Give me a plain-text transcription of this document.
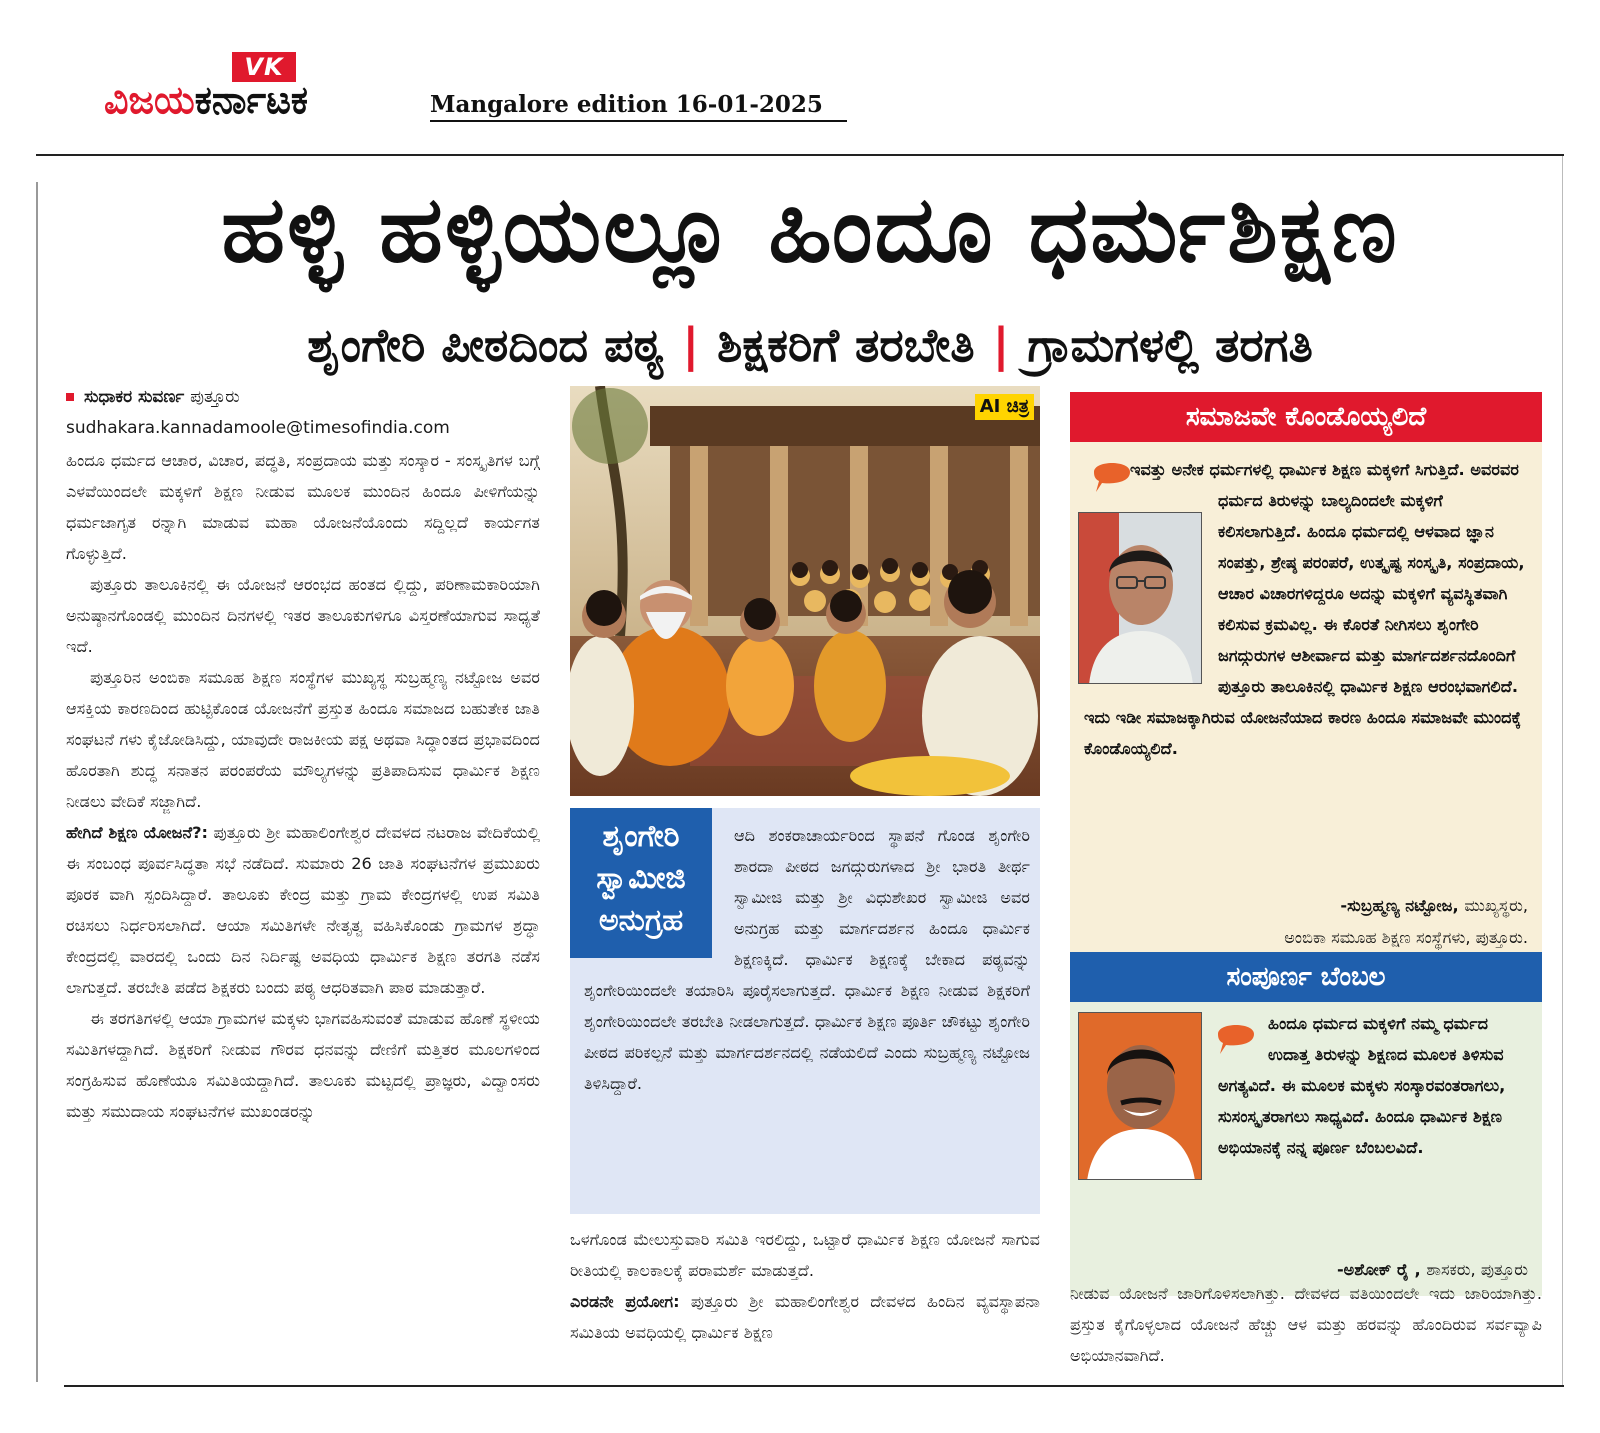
VK
ವಿಜಯಕರ್ನಾಟಕ	Mangalore edition 16-01-2025
ಹಳ್ಳಿ ಹಳ್ಳಿಯಲ್ಲೂ ಹಿಂದೂ ಧರ್ಮಶಿಕ್ಷಣ
ಶೃಂಗೇರಿ ಪೀಠದಿಂದ ಪಠ್ಯ | ಶಿಕ್ಷಕರಿಗೆ ತರಬೇತಿ | ಗ್ರಾಮಗಳಲ್ಲಿ ತರಗತಿ
ಸುಧಾಕರ ಸುವರ್ಣ ಪುತ್ತೂರು
sudhakara.kannadamoole@timesofindia.com

ಹಿಂದೂ ಧರ್ಮದ ಆಚಾರ, ವಿಚಾರ, ಪದ್ಧತಿ, ಸಂಪ್ರದಾಯ ಮತ್ತು ಸಂಸ್ಕಾರ - ಸಂಸ್ಕೃತಿಗಳ ಬಗ್ಗೆ ಎಳವೆಯಿಂದಲೇ ಮಕ್ಕಳಿಗೆ ಶಿಕ್ಷಣ ನೀಡುವ ಮೂಲಕ ಮುಂದಿನ ಹಿಂದೂ ಪೀಳಿಗೆಯನ್ನು ಧರ್ಮಜಾಗೃತ ರನ್ನಾಗಿ ಮಾಡುವ ಮಹಾ ಯೋಜನೆಯೊಂದು ಸದ್ದಿಲ್ಲದೆ ಕಾರ್ಯಗತ ಗೊಳ್ಳುತ್ತಿದೆ.

ಪುತ್ತೂರು ತಾಲೂಕಿನಲ್ಲಿ ಈ ಯೋಜನೆ ಆರಂಭದ ಹಂತದ ಲ್ಲಿದ್ದು, ಪರಿಣಾಮಕಾರಿಯಾಗಿ ಅನುಷ್ಠಾನಗೊಂಡಲ್ಲಿ ಮುಂದಿನ ದಿನಗಳಲ್ಲಿ ಇತರ ತಾಲೂಕುಗಳಿಗೂ ವಿಸ್ತರಣೆಯಾಗುವ ಸಾಧ್ಯತೆ ಇದೆ.

ಪುತ್ತೂರಿನ ಅಂಬಿಕಾ ಸಮೂಹ ಶಿಕ್ಷಣ ಸಂಸ್ಥೆಗಳ ಮುಖ್ಯಸ್ಥ ಸುಬ್ರಹ್ಮಣ್ಯ ನಟ್ಟೋಜ ಅವರ ಆಸಕ್ತಿಯ ಕಾರಣದಿಂದ ಹುಟ್ಟಿಕೊಂಡ ಯೋಜನೆಗೆ ಪ್ರಸ್ತುತ ಹಿಂದೂ ಸಮಾಜದ ಬಹುತೇಕ ಜಾತಿ ಸಂಘಟನೆ ಗಳು ಕೈಜೋಡಿಸಿದ್ದು, ಯಾವುದೇ ರಾಜಕೀಯ ಪಕ್ಷ ಅಥವಾ ಸಿದ್ಧಾಂತದ ಪ್ರಭಾವದಿಂದ ಹೊರತಾಗಿ ಶುದ್ಧ ಸನಾತನ ಪರಂಪರೆಯ ಮೌಲ್ಯಗಳನ್ನು ಪ್ರತಿಪಾದಿಸುವ ಧಾರ್ಮಿಕ ಶಿಕ್ಷಣ ನೀಡಲು ವೇದಿಕೆ ಸಜ್ಜಾಗಿದೆ.

ಹೇಗಿದೆ ಶಿಕ್ಷಣ ಯೋಜನೆ?: ಪುತ್ತೂರು ಶ್ರೀ ಮಹಾಲಿಂಗೇಶ್ವರ ದೇವಳದ ನಟರಾಜ ವೇದಿಕೆಯಲ್ಲಿ ಈ ಸಂಬಂಧ ಪೂರ್ವಸಿದ್ಧತಾ ಸಭೆ ನಡೆದಿದೆ. ಸುಮಾರು 26 ಜಾತಿ ಸಂಘಟನೆಗಳ ಪ್ರಮುಖರು ಪೂರಕ ವಾಗಿ ಸ್ಪಂದಿಸಿದ್ದಾರೆ. ತಾಲೂಕು ಕೇಂದ್ರ ಮತ್ತು ಗ್ರಾಮ ಕೇಂದ್ರಗಳಲ್ಲಿ ಉಪ ಸಮಿತಿ ರಚಿಸಲು ನಿರ್ಧರಿಸಲಾಗಿದೆ. ಆಯಾ ಸಮಿತಿಗಳೇ ನೇತೃತ್ವ ವಹಿಸಿಕೊಂಡು ಗ್ರಾಮಗಳ ಶ್ರದ್ಧಾ ಕೇಂದ್ರದಲ್ಲಿ ವಾರದಲ್ಲಿ ಒಂದು ದಿನ ನಿರ್ದಿಷ್ಟ ಅವಧಿಯ ಧಾರ್ಮಿಕ ಶಿಕ್ಷಣ ತರಗತಿ ನಡೆಸ ಲಾಗುತ್ತದೆ. ತರಬೇತಿ ಪಡೆದ ಶಿಕ್ಷಕರು ಬಂದು ಪಠ್ಯ ಆಧರಿತವಾಗಿ ಪಾಠ ಮಾಡುತ್ತಾರೆ.

ಈ ತರಗತಿಗಳಲ್ಲಿ ಆಯಾ ಗ್ರಾಮಗಳ ಮಕ್ಕಳು ಭಾಗವಹಿಸುವಂತೆ ಮಾಡುವ ಹೊಣೆ ಸ್ಥಳೀಯ ಸಮಿತಿಗಳದ್ದಾಗಿದೆ. ಶಿಕ್ಷಕರಿಗೆ ನೀಡುವ ಗೌರವ ಧನವನ್ನು ದೇಣಿಗೆ ಮತ್ತಿತರ ಮೂಲಗಳಿಂದ ಸಂಗ್ರಹಿಸುವ ಹೊಣೆಯೂ ಸಮಿತಿಯದ್ದಾಗಿದೆ. ತಾಲೂಕು ಮಟ್ಟದಲ್ಲಿ ಪ್ರಾಜ್ಞರು, ವಿದ್ವಾಂಸರು ಮತ್ತು ಸಮುದಾಯ ಸಂಘಟನೆಗಳ ಮುಖಂಡರನ್ನು

AI ಚಿತ್ರ
ಶೃಂಗೇರಿ ಸ್ವಾಮೀಜಿ ಅನುಗ್ರಹ
ಆದಿ ಶಂಕರಾಚಾರ್ಯರಿಂದ ಸ್ಥಾಪನೆ ಗೊಂಡ ಶೃಂಗೇರಿ ಶಾರದಾ ಪೀಠದ ಜಗದ್ಗುರುಗಳಾದ ಶ್ರೀ ಭಾರತಿ ತೀರ್ಥ ಸ್ವಾಮೀಜಿ ಮತ್ತು ಶ್ರೀ ವಿಧುಶೇಖರ ಸ್ವಾಮೀಜಿ ಅವರ ಅನುಗ್ರಹ ಮತ್ತು ಮಾರ್ಗದರ್ಶನ ಹಿಂದೂ ಧಾರ್ಮಿಕ ಶಿಕ್ಷಣಕ್ಕಿದೆ. ಧಾರ್ಮಿಕ ಶಿಕ್ಷಣಕ್ಕೆ ಬೇಕಾದ ಪಠ್ಯವನ್ನು ಶೃಂಗೇರಿಯಿಂದಲೇ ತಯಾರಿಸಿ ಪೂರೈಸಲಾಗುತ್ತದೆ. ಧಾರ್ಮಿಕ ಶಿಕ್ಷಣ ನೀಡುವ ಶಿಕ್ಷಕರಿಗೆ ಶೃಂಗೇರಿಯಿಂದಲೇ ತರಬೇತಿ ನೀಡಲಾಗುತ್ತದೆ. ಧಾರ್ಮಿಕ ಶಿಕ್ಷಣ ಪೂರ್ತಿ ಚೌಕಟ್ಟು ಶೃಂಗೇರಿ ಪೀಠದ ಪರಿಕಲ್ಪನೆ ಮತ್ತು ಮಾರ್ಗದರ್ಶನದಲ್ಲಿ ನಡೆಯಲಿದೆ ಎಂದು ಸುಬ್ರಹ್ಮಣ್ಯ ನಟ್ಟೋಜ ತಿಳಿಸಿದ್ದಾರೆ.

ಒಳಗೊಂಡ ಮೇಲುಸ್ತುವಾರಿ ಸಮಿತಿ ಇರಲಿದ್ದು, ಒಟ್ಟಾರೆ ಧಾರ್ಮಿಕ ಶಿಕ್ಷಣ ಯೋಜನೆ ಸಾಗುವ ರೀತಿಯಲ್ಲಿ ಕಾಲಕಾಲಕ್ಕೆ ಪರಾಮರ್ಶೆ ಮಾಡುತ್ತದೆ.

ಎರಡನೇ ಪ್ರಯೋಗ: ಪುತ್ತೂರು ಶ್ರೀ ಮಹಾಲಿಂಗೇಶ್ವರ ದೇವಳದ ಹಿಂದಿನ ವ್ಯವಸ್ಥಾಪನಾ ಸಮಿತಿಯ ಅವಧಿಯಲ್ಲಿ ಧಾರ್ಮಿಕ ಶಿಕ್ಷಣ

ಸಮಾಜವೇ ಕೊಂಡೊಯ್ಯಲಿದೆ
ಇವತ್ತು ಅನೇಕ ಧರ್ಮಗಳಲ್ಲಿ ಧಾರ್ಮಿಕ ಶಿಕ್ಷಣ ಮಕ್ಕಳಿಗೆ ಸಿಗುತ್ತಿದೆ. ಅವರವರ ಧರ್ಮದ ತಿರುಳನ್ನು ಬಾಲ್ಯದಿಂದಲೇ ಮಕ್ಕಳಿಗೆ ಕಲಿಸಲಾಗುತ್ತಿದೆ. ಹಿಂದೂ ಧರ್ಮದಲ್ಲಿ ಆಳವಾದ ಜ್ಞಾನ ಸಂಪತ್ತು, ಶ್ರೇಷ್ಠ ಪರಂಪರೆ, ಉತ್ಕೃಷ್ಟ ಸಂಸ್ಕೃತಿ, ಸಂಪ್ರದಾಯ, ಆಚಾರ ವಿಚಾರಗಳಿದ್ದರೂ ಅದನ್ನು ಮಕ್ಕಳಿಗೆ ವ್ಯವಸ್ಥಿತವಾಗಿ ಕಲಿಸುವ ಕ್ರಮವಿಲ್ಲ. ಈ ಕೊರತೆ ನೀಗಿಸಲು ಶೃಂಗೇರಿ ಜಗದ್ಗುರುಗಳ ಆಶೀರ್ವಾದ ಮತ್ತು ಮಾರ್ಗದರ್ಶನದೊಂದಿಗೆ ಪುತ್ತೂರು ತಾಲೂಕಿನಲ್ಲಿ ಧಾರ್ಮಿಕ ಶಿಕ್ಷಣ ಆರಂಭವಾಗಲಿದೆ. ಇದು ಇಡೀ ಸಮಾಜಕ್ಕಾಗಿರುವ ಯೋಜನೆಯಾದ ಕಾರಣ ಹಿಂದೂ ಸಮಾಜವೇ ಮುಂದಕ್ಕೆ ಕೊಂಡೊಯ್ಯಲಿದೆ.
-ಸುಬ್ರಹ್ಮಣ್ಯ ನಟ್ಟೋಜ, ಮುಖ್ಯಸ್ಥರು,
ಅಂಬಿಕಾ ಸಮೂಹ ಶಿಕ್ಷಣ ಸಂಸ್ಥೆಗಳು, ಪುತ್ತೂರು.
ಸಂಪೂರ್ಣ ಬೆಂಬಲ
ಹಿಂದೂ ಧರ್ಮದ ಮಕ್ಕಳಿಗೆ ನಮ್ಮ ಧರ್ಮದ ಉದಾತ್ತ ತಿರುಳನ್ನು ಶಿಕ್ಷಣದ ಮೂಲಕ ತಿಳಿಸುವ ಅಗತ್ಯವಿದೆ. ಈ ಮೂಲಕ ಮಕ್ಕಳು ಸಂಸ್ಕಾರವಂತರಾಗಲು, ಸುಸಂಸ್ಕೃತರಾಗಲು ಸಾಧ್ಯವಿದೆ. ಹಿಂದೂ ಧಾರ್ಮಿಕ ಶಿಕ್ಷಣ ಅಭಿಯಾನಕ್ಕೆ ನನ್ನ ಪೂರ್ಣ ಬೆಂಬಲವಿದೆ.
-ಅಶೋಕ್ ರೈ , ಶಾಸಕರು, ಪುತ್ತೂರು

ನೀಡುವ ಯೋಜನೆ ಜಾರಿಗೊಳಿಸಲಾಗಿತ್ತು. ದೇವಳದ ವತಿಯಿಂದಲೇ ಇದು ಜಾರಿಯಾಗಿತ್ತು. ಪ್ರಸ್ತುತ ಕೈಗೊಳ್ಳಲಾದ ಯೋಜನೆ ಹೆಚ್ಚು ಆಳ ಮತ್ತು ಹರವನ್ನು ಹೊಂದಿರುವ ಸರ್ವವ್ಯಾಪಿ ಅಭಿಯಾನವಾಗಿದೆ.
